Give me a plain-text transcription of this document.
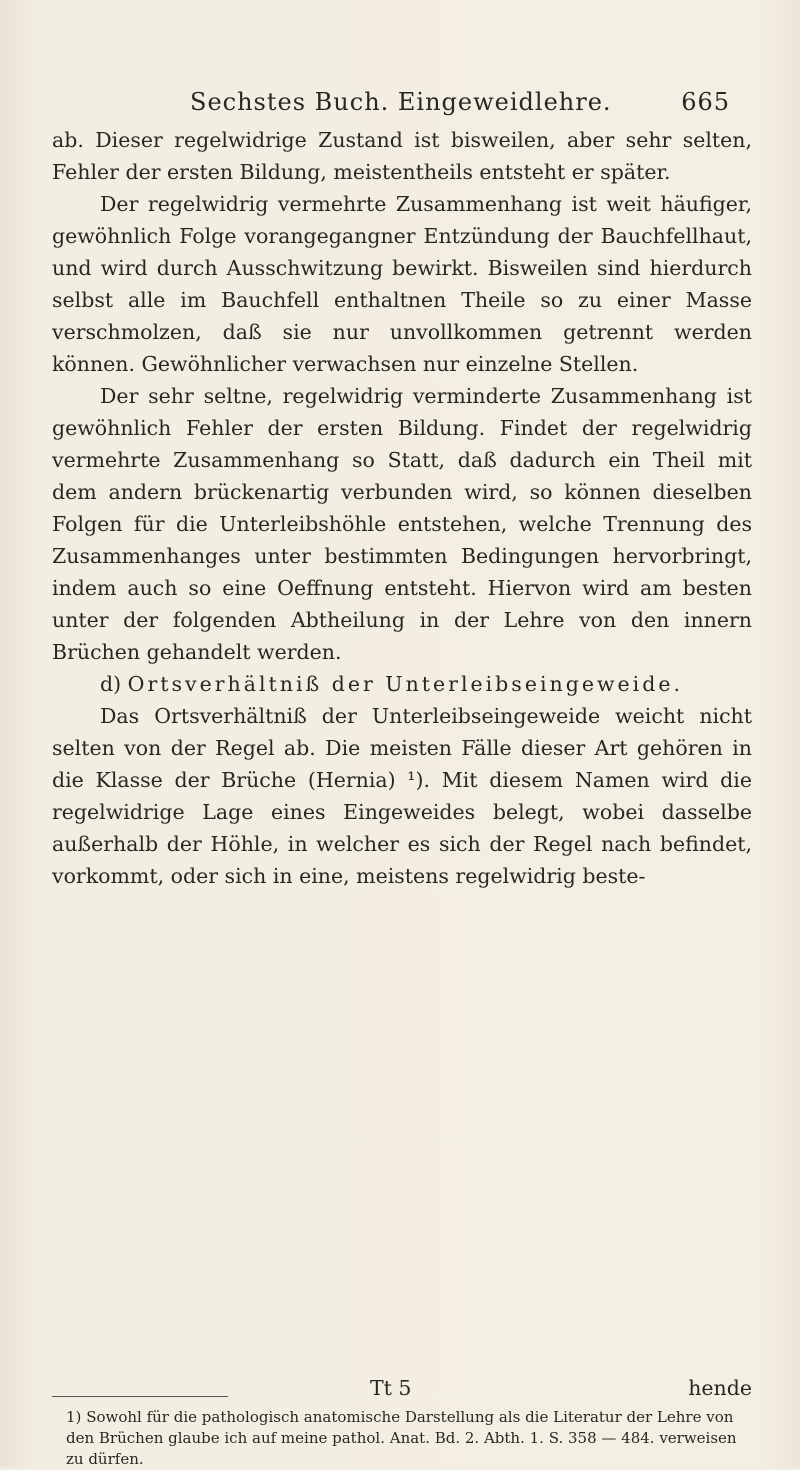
Sechstes Buch. Eingeweidlehre.	665

ab. Dieser regelwidrige Zustand ist bisweilen, aber sehr selten, Fehler der ersten Bildung, meistentheils entsteht er später.

Der regelwidrig vermehrte Zusammenhang ist weit häufiger, gewöhnlich Folge vorangegangner Entzündung der Bauchfellhaut, und wird durch Ausschwitzung bewirkt. Bisweilen sind hierdurch selbst alle im Bauchfell enthaltnen Theile so zu einer Masse verschmolzen, daß sie nur unvollkommen getrennt werden können. Gewöhnlicher verwachsen nur einzelne Stellen.

Der sehr seltne, regelwidrig verminderte Zusammenhang ist gewöhnlich Fehler der ersten Bildung. Findet der regelwidrig vermehrte Zusammenhang so Statt, daß dadurch ein Theil mit dem andern brückenartig verbunden wird, so können dieselben Folgen für die Unterleibshöhle entstehen, welche Trennung des Zusammenhanges unter bestimmten Bedingungen hervorbringt, indem auch so eine Oeffnung entsteht. Hiervon wird am besten unter der folgenden Abtheilung in der Lehre von den innern Brüchen gehandelt werden.

d) Ortsverhältniß der Unterleibseingeweide.

Das Ortsverhältniß der Unterleibseingeweide weicht nicht selten von der Regel ab. Die meisten Fälle dieser Art gehören in die Klasse der Brüche (Hernia) ¹). Mit diesem Namen wird die regelwidrige Lage eines Eingeweides belegt, wobei dasselbe außerhalb der Höhle, in welcher es sich der Regel nach befindet, vorkommt, oder sich in eine, meistens regelwidrig beste-

Tt 5	hende

1) Sowohl für die pathologisch anatomische Darstellung als die Literatur der Lehre von den Brüchen glaube ich auf meine pathol. Anat. Bd. 2. Abth. 1. S. 358 — 484. verweisen zu dürfen.
